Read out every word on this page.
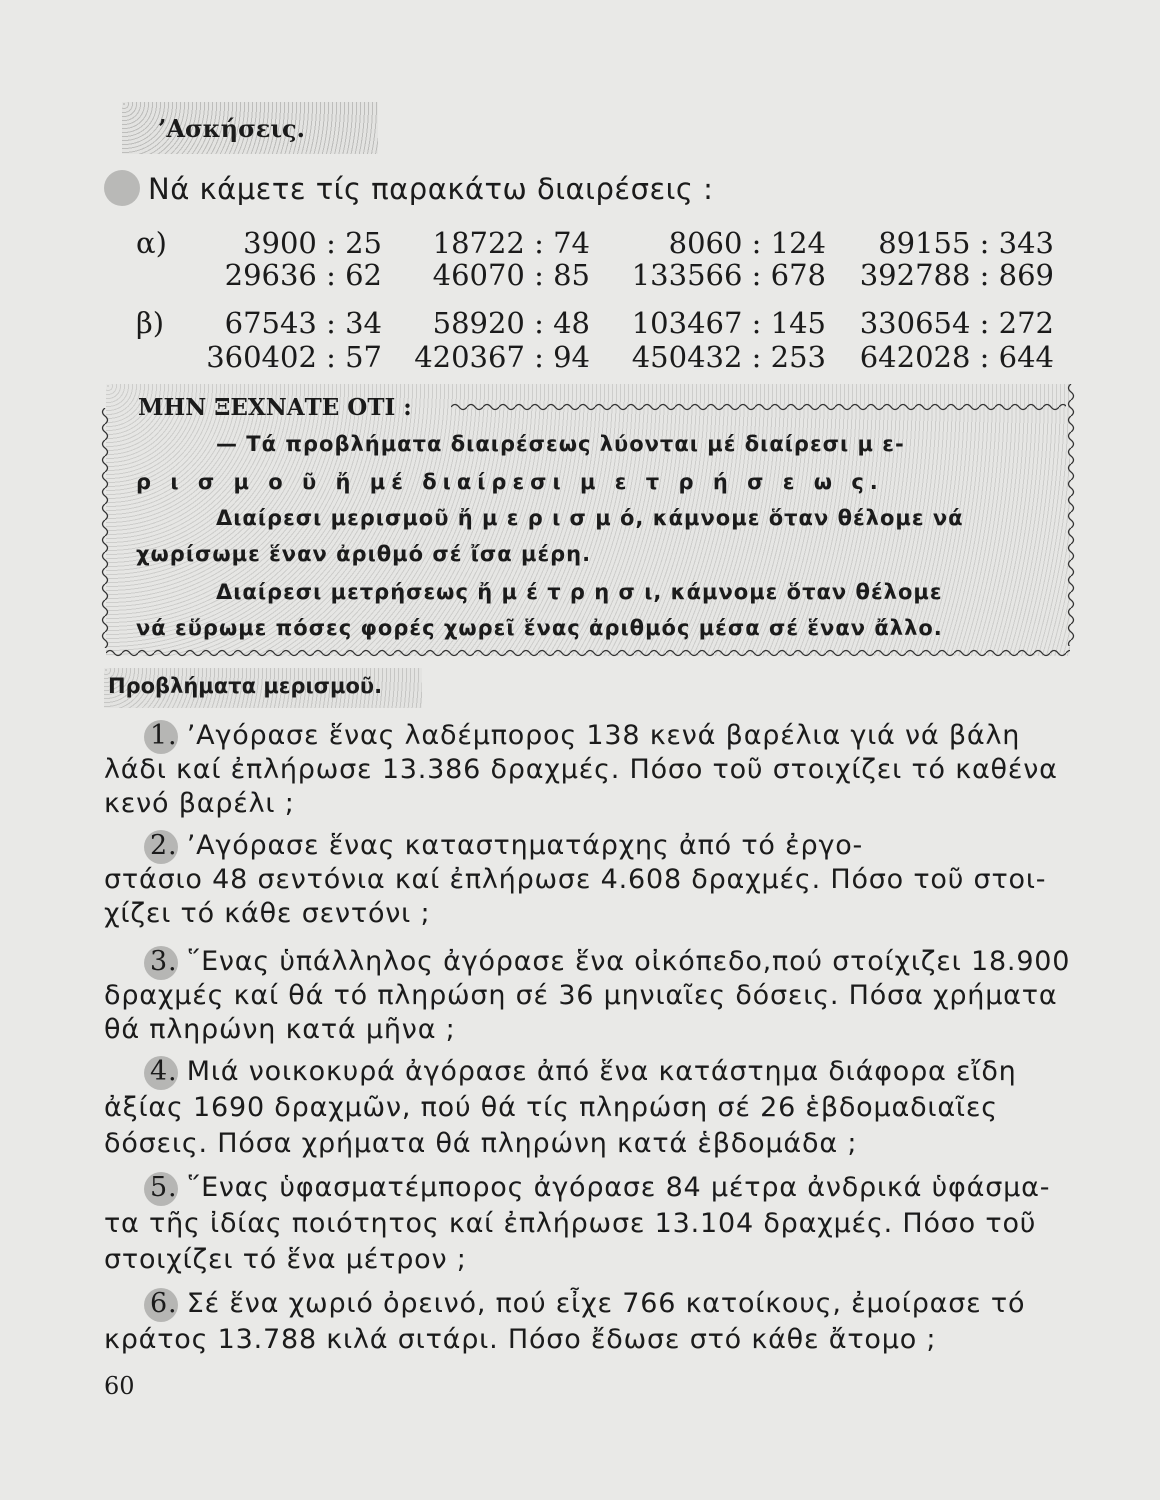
’Ασκήσεις.
Νά κάμετε τίς παρακάτω διαιρέσεις :
α)	3900 : 25 18722 : 74	8060 : 124 89155 : 343
29636 : 62 46070 : 85 133566 : 678 392788 : 869
β) 67543 : 34 58920 : 48 103467 : 145 330654 : 272
360402 : 57 420367 : 94 450432 : 253 642028 : 644
ΜΗΝ ΞΕΧΝΑΤΕ ΟΤΙ :
— Τά προβλήματα διαιρέσεως λύονται μέ διαίρεσι μ ε-
ρ ι σ μ ο ῦ ἤ μέ διαίρεσι μ ε τ ρ ή σ ε ω ς.
Διαίρεσι μερισμοῦ ἤ μ ε ρ ι σ μ ό, κάμνομε ὅταν θέλομε νά
χωρίσωμε ἕναν ἀριθμό σέ ἴσα μέρη.
Διαίρεσι μετρήσεως ἤ μ έ τ ρ η σ ι, κάμνομε ὅταν θέλομε
νά εὕρωμε πόσες φορές χωρεῖ ἕνας ἀριθμός μέσα σέ ἕναν ἄλλο.
Προβλήματα μερισμοῦ.
1. ’Αγόρασε ἕνας λαδέμπορος 138 κενά βαρέλια γιά νά βάλη
λάδι καί ἐπλήρωσε 13.386 δραχμές. Πόσο τοῦ στοιχίζει τό καθένα
κενό βαρέλι ;
2. ’Αγόρασε ἕνας καταστηματάρχης ἀπό τό ἐργο-
στάσιο 48 σεντόνια καί ἐπλήρωσε 4.608 δραχμές. Πόσο τοῦ στοι-
χίζει τό κάθε σεντόνι ;
3. ῞Ενας ὑπάλληλος ἀγόρασε ἕνα οἰκόπεδο,πού στοίχιζει 18.900
δραχμές καί θά τό πληρώση σέ 36 μηνιαῖες δόσεις. Πόσα χρήματα
θά πληρώνη κατά μῆνα ;
4. Μιά νοικοκυρά ἀγόρασε ἀπό ἕνα κατάστημα διάφορα εἴδη
ἀξίας 1690 δραχμῶν, πού θά τίς πληρώση σέ 26 ἑβδομαδιαῖες
δόσεις. Πόσα χρήματα θά πληρώνη κατά ἑβδομάδα ;
5. ῞Ενας ὑφασματέμπορος ἀγόρασε 84 μέτρα ἀνδρικά ὑφάσμα-
τα τῆς ἰδίας ποιότητος καί ἐπλήρωσε 13.104 δραχμές. Πόσο τοῦ
στοιχίζει τό ἕνα μέτρον ;
6. Σέ ἕνα χωριό ὀρεινό, πού εἶχε 766 κατοίκους, ἐμοίρασε τό
κράτος 13.788 κιλά σιτάρι. Πόσο ἔδωσε στό κάθε ἄτομο ;
60
